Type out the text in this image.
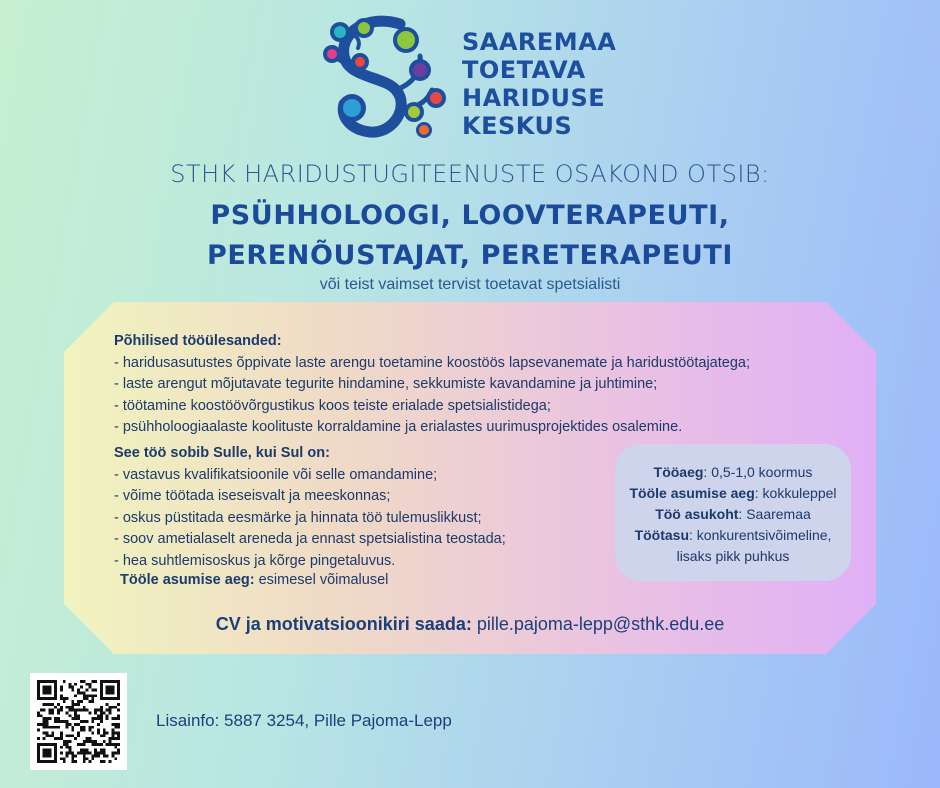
SAAREMAA
TOETAVA
HARIDUSE
KESKUS
STHK HARIDUSTUGITEENUSTE OSAKOND OTSIB:
PSÜHHOLOOGI, LOOVTERAPEUTI,
PERENÕUSTAJAT, PERETERAPEUTI
või teist vaimset tervist toetavat spetsialisti
Põhilised tööülesanded:
- haridusasutustes õppivate laste arengu toetamine koostöös lapsevanemate ja haridustöötajatega;
- laste arengut mõjutavate tegurite hindamine, sekkumiste kavandamine ja juhtimine;
- töötamine koostöövõrgustikus koos teiste erialade spetsialistidega;
- psühholoogiaalaste koolituste korraldamine ja erialastes uurimusprojektides osalemine.
See töö sobib Sulle, kui Sul on:
- vastavus kvalifikatsioonile või selle omandamine;
- võime töötada iseseisvalt ja meeskonnas;
- oskus püstitada eesmärke ja hinnata töö tulemuslikkust;
- soov ametialaselt areneda ja ennast spetsialistina teostada;
- hea suhtlemisoskus ja kõrge pingetaluvus.
Tööle asumise aeg: esimesel võimalusel
Tööaeg: 0,5-1,0 koormus
Tööle asumise aeg: kokkuleppel
Töö asukoht: Saaremaa
Töötasu: konkurentsivõimeline,
lisaks pikk puhkus
CV ja motivatsioonikiri saada: pille.pajoma-lepp@sthk.edu.ee
Lisainfo: 5887 3254, Pille Pajoma-Lepp
